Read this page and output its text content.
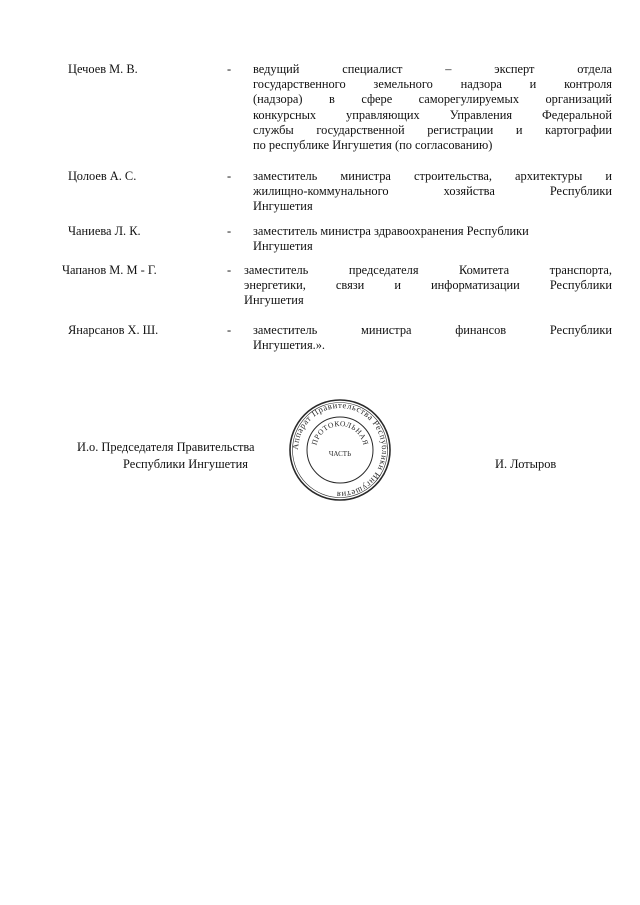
Цечоев М. В.	- ведущий специалист – эксперт отдела
государственного земельного надзора и контроля
(надзора) в сфере саморегулируемых организаций
конкурсных управляющих Управления Федеральной
службы государственной регистрации и картографии
по республике Ингушетия (по согласованию)
Цолоев А. С.	- заместитель министра строительства, архитектуры и
жилищно-коммунального хозяйства Республики
Ингушетия
Чаниева Л. К.	- заместитель министра здравоохранения Республики
Ингушетия
Чапанов М. М - Г.	- заместитель председателя Комитета транспорта,
энергетики, связи и информатизации Республики
Ингушетия
Янарсанов Х. Ш.	- заместитель министра финансов Республики
Ингушетия.».
И.о. Председателя Правительства
Республики Ингушетия	И. Лотыров
Аппарат Правительства Республики Ингушетия
ПРОТОКОЛЬНАЯ
ЧАСТЬ
